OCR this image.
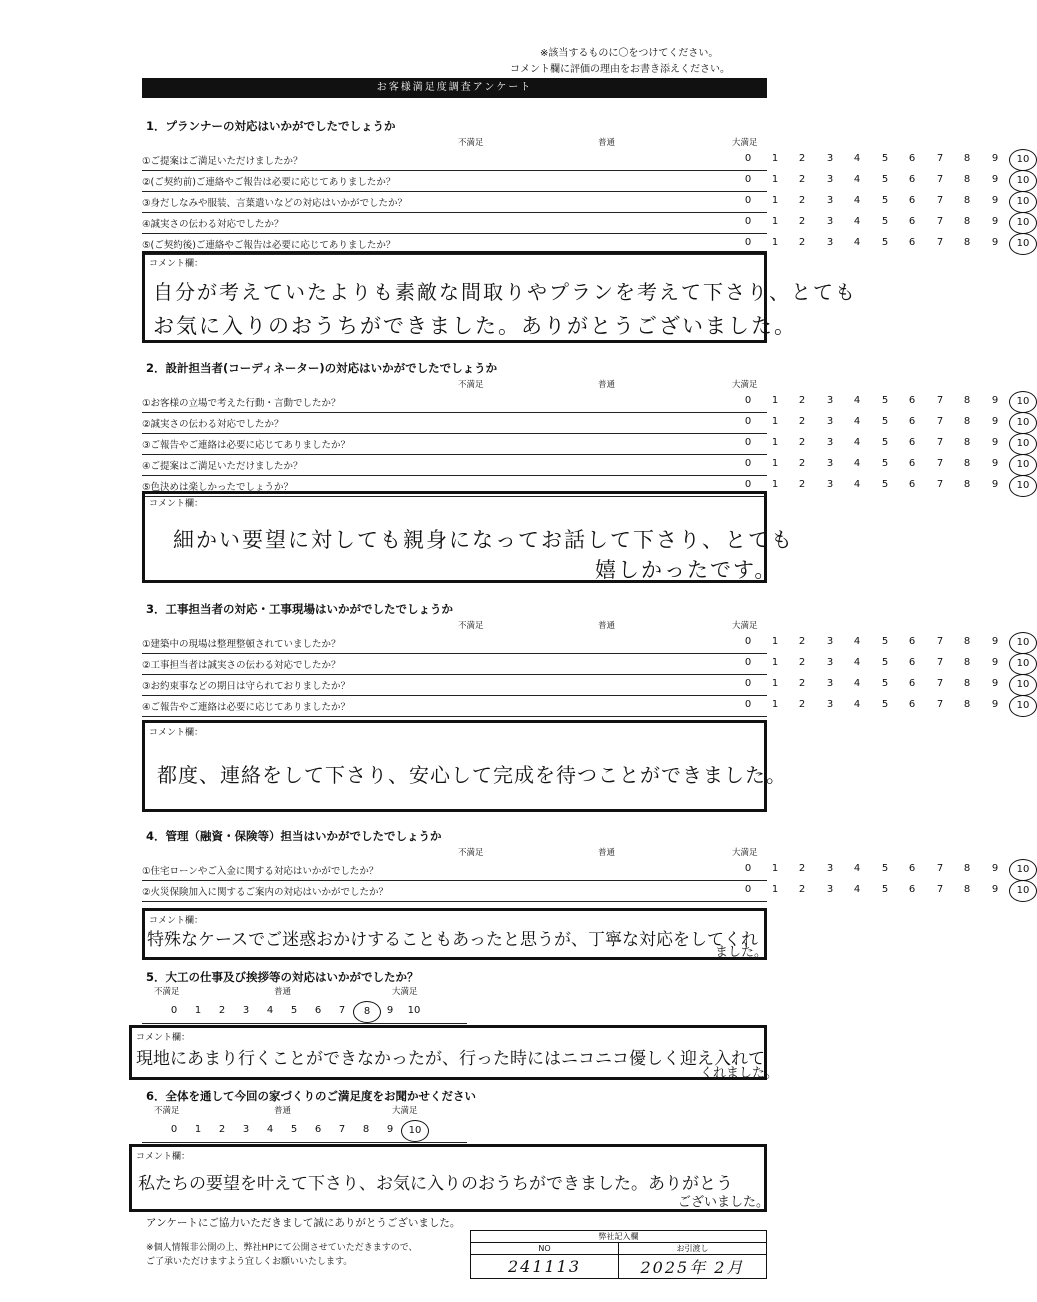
※該当するものに〇をつけてください。
コメント欄に評価の理由をお書き添えください。
お客様満足度調査アンケート
1．プランナーの対応はいかがでしたでしょうか
不満足	普通	大満足
①ご提案はご満足いただけましたか？	0	1	2	3	4	5	6	7	8	9	10
②(ご契約前)ご連絡やご報告は必要に応じてありましたか？	0	1	2	3	4	5	6	7	8	9	10
③身だしなみや服装、言葉遣いなどの対応はいかがでしたか？	0	1	2	3	4	5	6	7	8	9	10
④誠実さの伝わる対応でしたか？	0	1	2	3	4	5	6	7	8	9	10
⑤(ご契約後)ご連絡やご報告は必要に応じてありましたか？	0	1	2	3	4	5	6	7	8	9	10
コメント欄：
自分が考えていたよりも素敵な間取りやプランを考えて下さり、とても
お気に入りのおうちができました。ありがとうございました。
2．設計担当者(コーディネーター)の対応はいかがでしたでしょうか
不満足	普通	大満足
①お客様の立場で考えた行動・言動でしたか？	0	1	2	3	4	5	6	7	8	9	10
②誠実さの伝わる対応でしたか？	0	1	2	3	4	5	6	7	8	9	10
③ご報告やご連絡は必要に応じてありましたか？	0	1	2	3	4	5	6	7	8	9	10
④ご提案はご満足いただけましたか？	0	1	2	3	4	5	6	7	8	9	10
⑤色決めは楽しかったでしょうか？	0	1	2	3	4	5	6	7	8	9	10
コメント欄：
細かい要望に対しても親身になってお話して下さり、とても
嬉しかったです。
3．工事担当者の対応・工事現場はいかがでしたでしょうか
不満足	普通	大満足
①建築中の現場は整理整頓されていましたか？	0	1	2	3	4	5	6	7	8	9	10
②工事担当者は誠実さの伝わる対応でしたか？	0	1	2	3	4	5	6	7	8	9	10
③お約束事などの期日は守られておりましたか？	0	1	2	3	4	5	6	7	8	9	10
④ご報告やご連絡は必要に応じてありましたか？	0	1	2	3	4	5	6	7	8	9	10
コメント欄：
都度、連絡をして下さり、安心して完成を待つことができました。
4．管理（融資・保険等）担当はいかがでしたでしょうか
不満足	普通	大満足
①住宅ローンやご入金に関する対応はいかがでしたか？	0	1	2	3	4	5	6	7	8	9	10
②火災保険加入に関するご案内の対応はいかがでしたか？	0	1	2	3	4	5	6	7	8	9	10
コメント欄：
特殊なケースでご迷惑おかけすることもあったと思うが、丁寧な対応をしてくれ
ました。
5．大工の仕事及び挨拶等の対応はいかがでしたか？
不満足	普通	大満足
0	1	2	3	4	5	6	7	8	9	10
コメント欄：
現地にあまり行くことができなかったが、行った時にはニコニコ優しく迎え入れて
くれました。
6．全体を通して今回の家づくりのご満足度をお聞かせください
不満足	普通	大満足
0	1	2	3	4	5	6	7	8	9	10
コメント欄：
私たちの要望を叶えて下さり、お気に入りのおうちができました。ありがとう
ございました。
アンケートにご協力いただきまして誠にありがとうございました。
※個人情報非公開の上、弊社HPにて公開させていただきますので、
ご了承いただけますよう宜しくお願いいたします。
弊社記入欄	
NO	お引渡し
241113	2025年 2月
